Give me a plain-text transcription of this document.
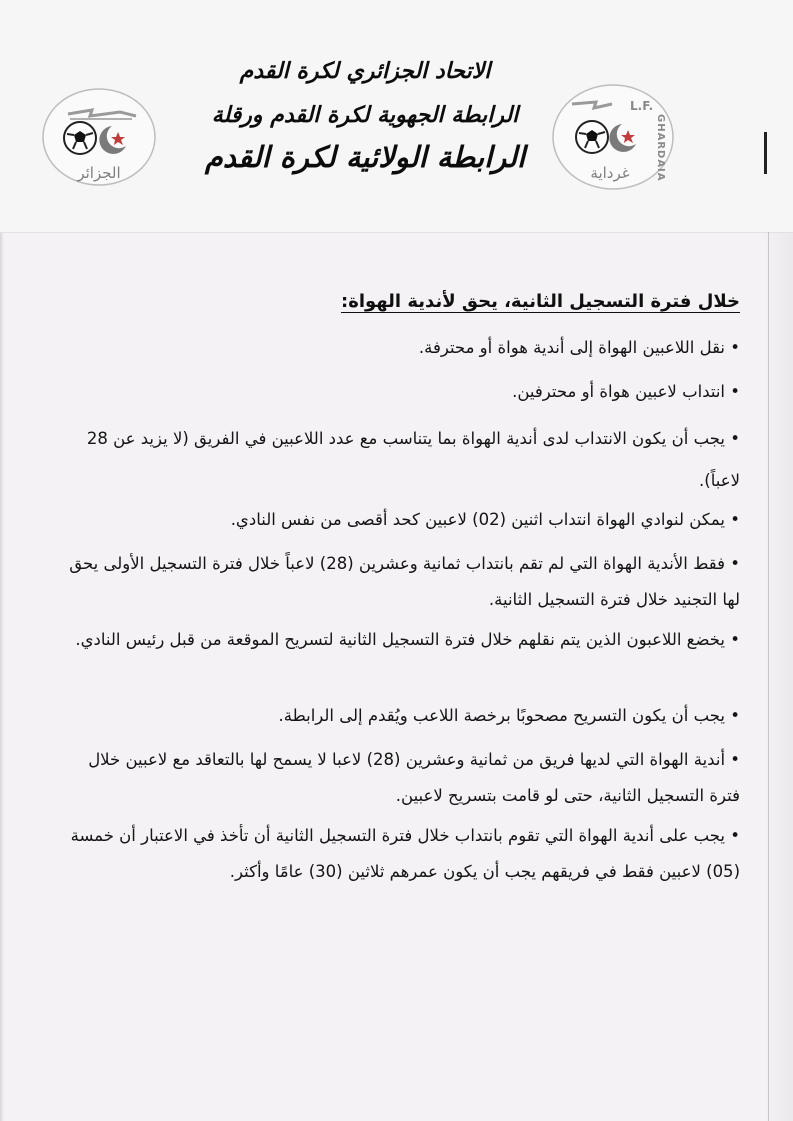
الجزائر
L.F.
GHARDAIA
غرداية
الاتحاد الجزائري لكرة القدم
الرابطة الجهوية لكرة القدم ورقلة
الرابطة الولائية لكرة القدم
خلال فترة التسجيل الثانية، يحق لأندية الهواة:
• نقل اللاعبين الهواة إلى أندية هواة أو محترفة.
• انتداب لاعبين هواة أو محترفين.
• يجب أن يكون الانتداب لدى أندية الهواة بما يتناسب مع عدد اللاعبين في الفريق (لا يزيد عن 28 لاعباً).
• يمكن لنوادي الهواة انتداب اثنين (02) لاعبين كحد أقصى من نفس النادي.
• فقط الأندية الهواة التي لم تقم بانتداب ثمانية وعشرين (28) لاعباً خلال فترة التسجيل الأولى يحق لها التجنيد خلال فترة التسجيل الثانية.
• يخضع اللاعبون الذين يتم نقلهم خلال فترة التسجيل الثانية لتسريح الموقعة من قبل رئيس النادي.
• يجب أن يكون التسريح مصحوبًا برخصة اللاعب ويُقدم إلى الرابطة.
• أندية الهواة التي لديها فريق من ثمانية وعشرين (28) لاعبا لا يسمح لها بالتعاقد مع لاعبين خلال فترة التسجيل الثانية، حتى لو قامت بتسريح لاعبين.
• يجب على أندية الهواة التي تقوم بانتداب خلال فترة التسجيل الثانية أن تأخذ في الاعتبار أن خمسة (05) لاعبين فقط في فريقهم يجب أن يكون عمرهم ثلاثين (30) عامًا وأكثر.
